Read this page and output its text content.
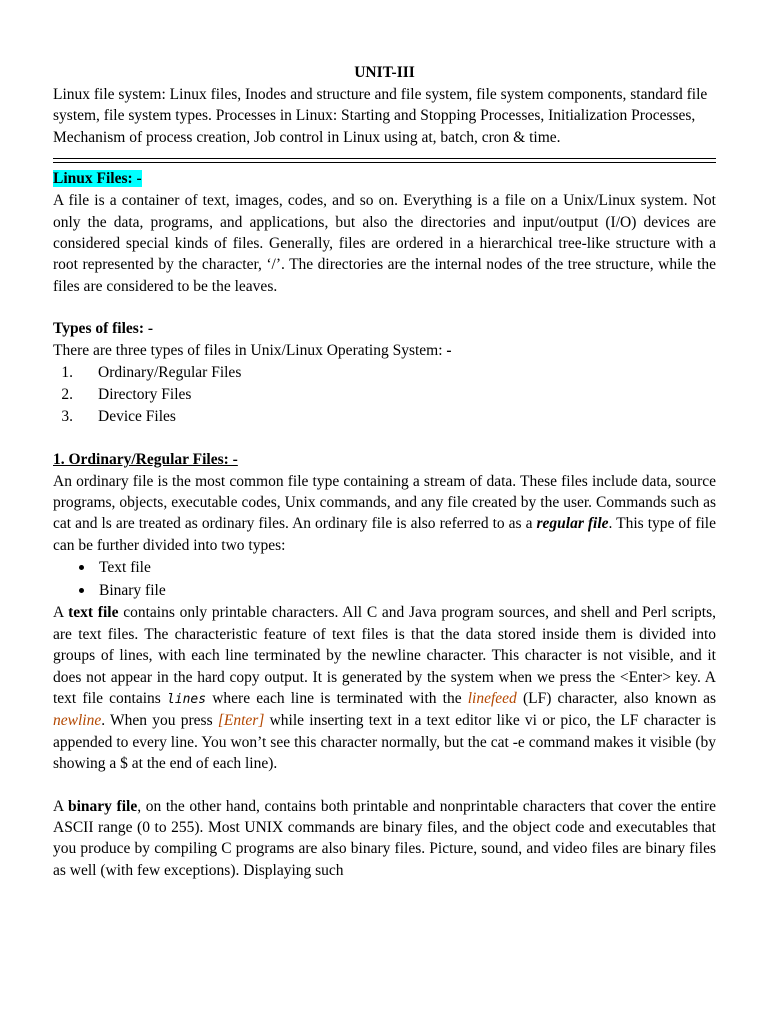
UNIT-III

Linux file system: Linux files, Inodes and structure and file system, file system components, standard file system, file system types. Processes in Linux: Starting and Stopping Processes, Initialization Processes, Mechanism of process creation, Job control in Linux using at, batch, cron & time.

Linux Files: -

A file is a container of text, images, codes, and so on. Everything is a file on a Unix/Linux system. Not only the data, programs, and applications, but also the directories and input/output (I/O) devices are considered special kinds of files. Generally, files are ordered in a hierarchical tree-like structure with a root represented by the character, ‘/’. The directories are the internal nodes of the tree structure, while the files are considered to be the leaves.

Types of files: -

There are three types of files in Unix/Linux Operating System: -

1. Ordinary/Regular Files
2. Directory Files
3. Device Files

1. Ordinary/Regular Files: -

An ordinary file is the most common file type containing a stream of data. These files include data, source programs, objects, executable codes, Unix commands, and any file created by the user. Commands such as cat and ls are treated as ordinary files. An ordinary file is also referred to as a regular file. This type of file can be further divided into two types:

Text file
Binary file

A text file contains only printable characters. All C and Java program sources, and shell and Perl scripts, are text files. The characteristic feature of text files is that the data stored inside them is divided into groups of lines, with each line terminated by the newline character. This character is not visible, and it does not appear in the hard copy output. It is generated by the system when we press the <Enter> key. A text file contains lines where each line is terminated with the linefeed (LF) character, also known as newline. When you press [Enter] while inserting text in a text editor like vi or pico, the LF character is appended to every line. You won’t see this character normally, but the cat -e command makes it visible (by showing a $ at the end of each line).

A binary file, on the other hand, contains both printable and nonprintable characters that cover the entire ASCII range (0 to 255). Most UNIX commands are binary files, and the object code and executables that you produce by compiling C programs are also binary files. Picture, sound, and video files are binary files as well (with few exceptions). Displaying such
